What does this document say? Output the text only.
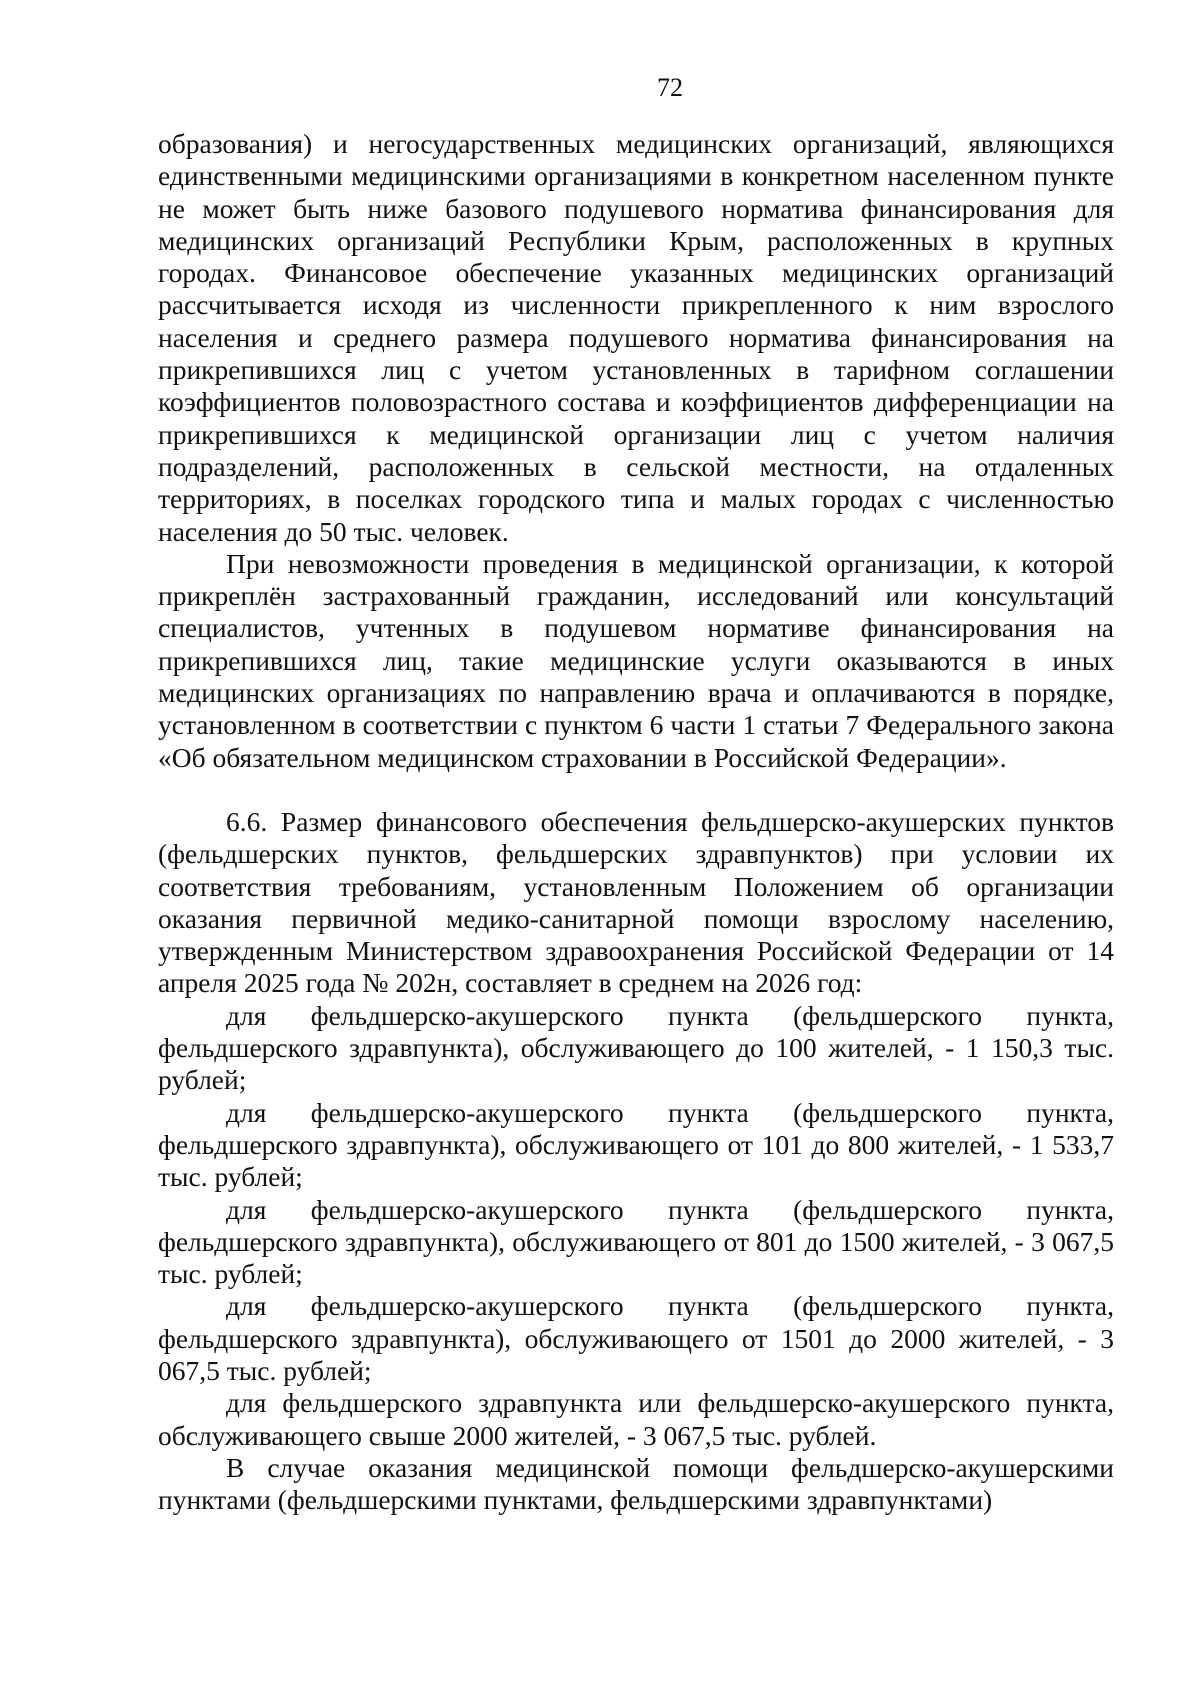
72

образования) и негосударственных медицинских организаций, являющихся единственными медицинскими организациями в конкретном населенном пункте не может быть ниже базового подушевого норматива финансирования для медицинских организаций Республики Крым, расположенных в крупных городах. Финансовое обеспечение указанных медицинских организаций рассчитывается исходя из численности прикрепленного к ним взрослого населения и среднего размера подушевого норматива финансирования на прикрепившихся лиц с учетом установленных в тарифном соглашении коэффициентов половозрастного состава и коэффициентов дифференциации на прикрепившихся к медицинской организации лиц с учетом наличия подразделений, расположенных в сельской местности, на отдаленных территориях, в поселках городского типа и малых городах с численностью населения до 50 тыс. человек.

При невозможности проведения в медицинской организации, к которой прикреплён застрахованный гражданин, исследований или консультаций специалистов, учтенных в подушевом нормативе финансирования на прикрепившихся лиц, такие медицинские услуги оказываются в иных медицинских организациях по направлению врача и оплачиваются в порядке, установленном в соответствии с пунктом 6 части 1 статьи 7 Федерального закона «Об обязательном медицинском страховании в Российской Федерации».

6.6. Размер финансового обеспечения фельдшерско-акушерских пунктов (фельдшерских пунктов, фельдшерских здравпунктов) при условии их соответствия требованиям, установленным Положением об организации оказания первичной медико-санитарной помощи взрослому населению, утвержденным Министерством здравоохранения Российской Федерации от 14 апреля 2025 года № 202н, составляет в среднем на 2026 год:

для фельдшерско-акушерского пункта (фельдшерского пункта, фельдшерского здравпункта), обслуживающего до 100 жителей, - 1 150,3 тыс. рублей;

для фельдшерско-акушерского пункта (фельдшерского пункта, фельдшерского здравпункта), обслуживающего от 101 до 800 жителей, - 1 533,7 тыс. рублей;

для фельдшерско-акушерского пункта (фельдшерского пункта, фельдшерского здравпункта), обслуживающего от 801 до 1500 жителей, - 3 067,5 тыс. рублей;

для фельдшерско-акушерского пункта (фельдшерского пункта, фельдшерского здравпункта), обслуживающего от 1501 до 2000 жителей, - 3 067,5 тыс. рублей;

для фельдшерского здравпункта или фельдшерско-акушерского пункта, обслуживающего свыше 2000 жителей, - 3 067,5 тыс. рублей.

В случае оказания медицинской помощи фельдшерско-акушерскими пунктами (фельдшерскими пунктами, фельдшерскими здравпунктами)
